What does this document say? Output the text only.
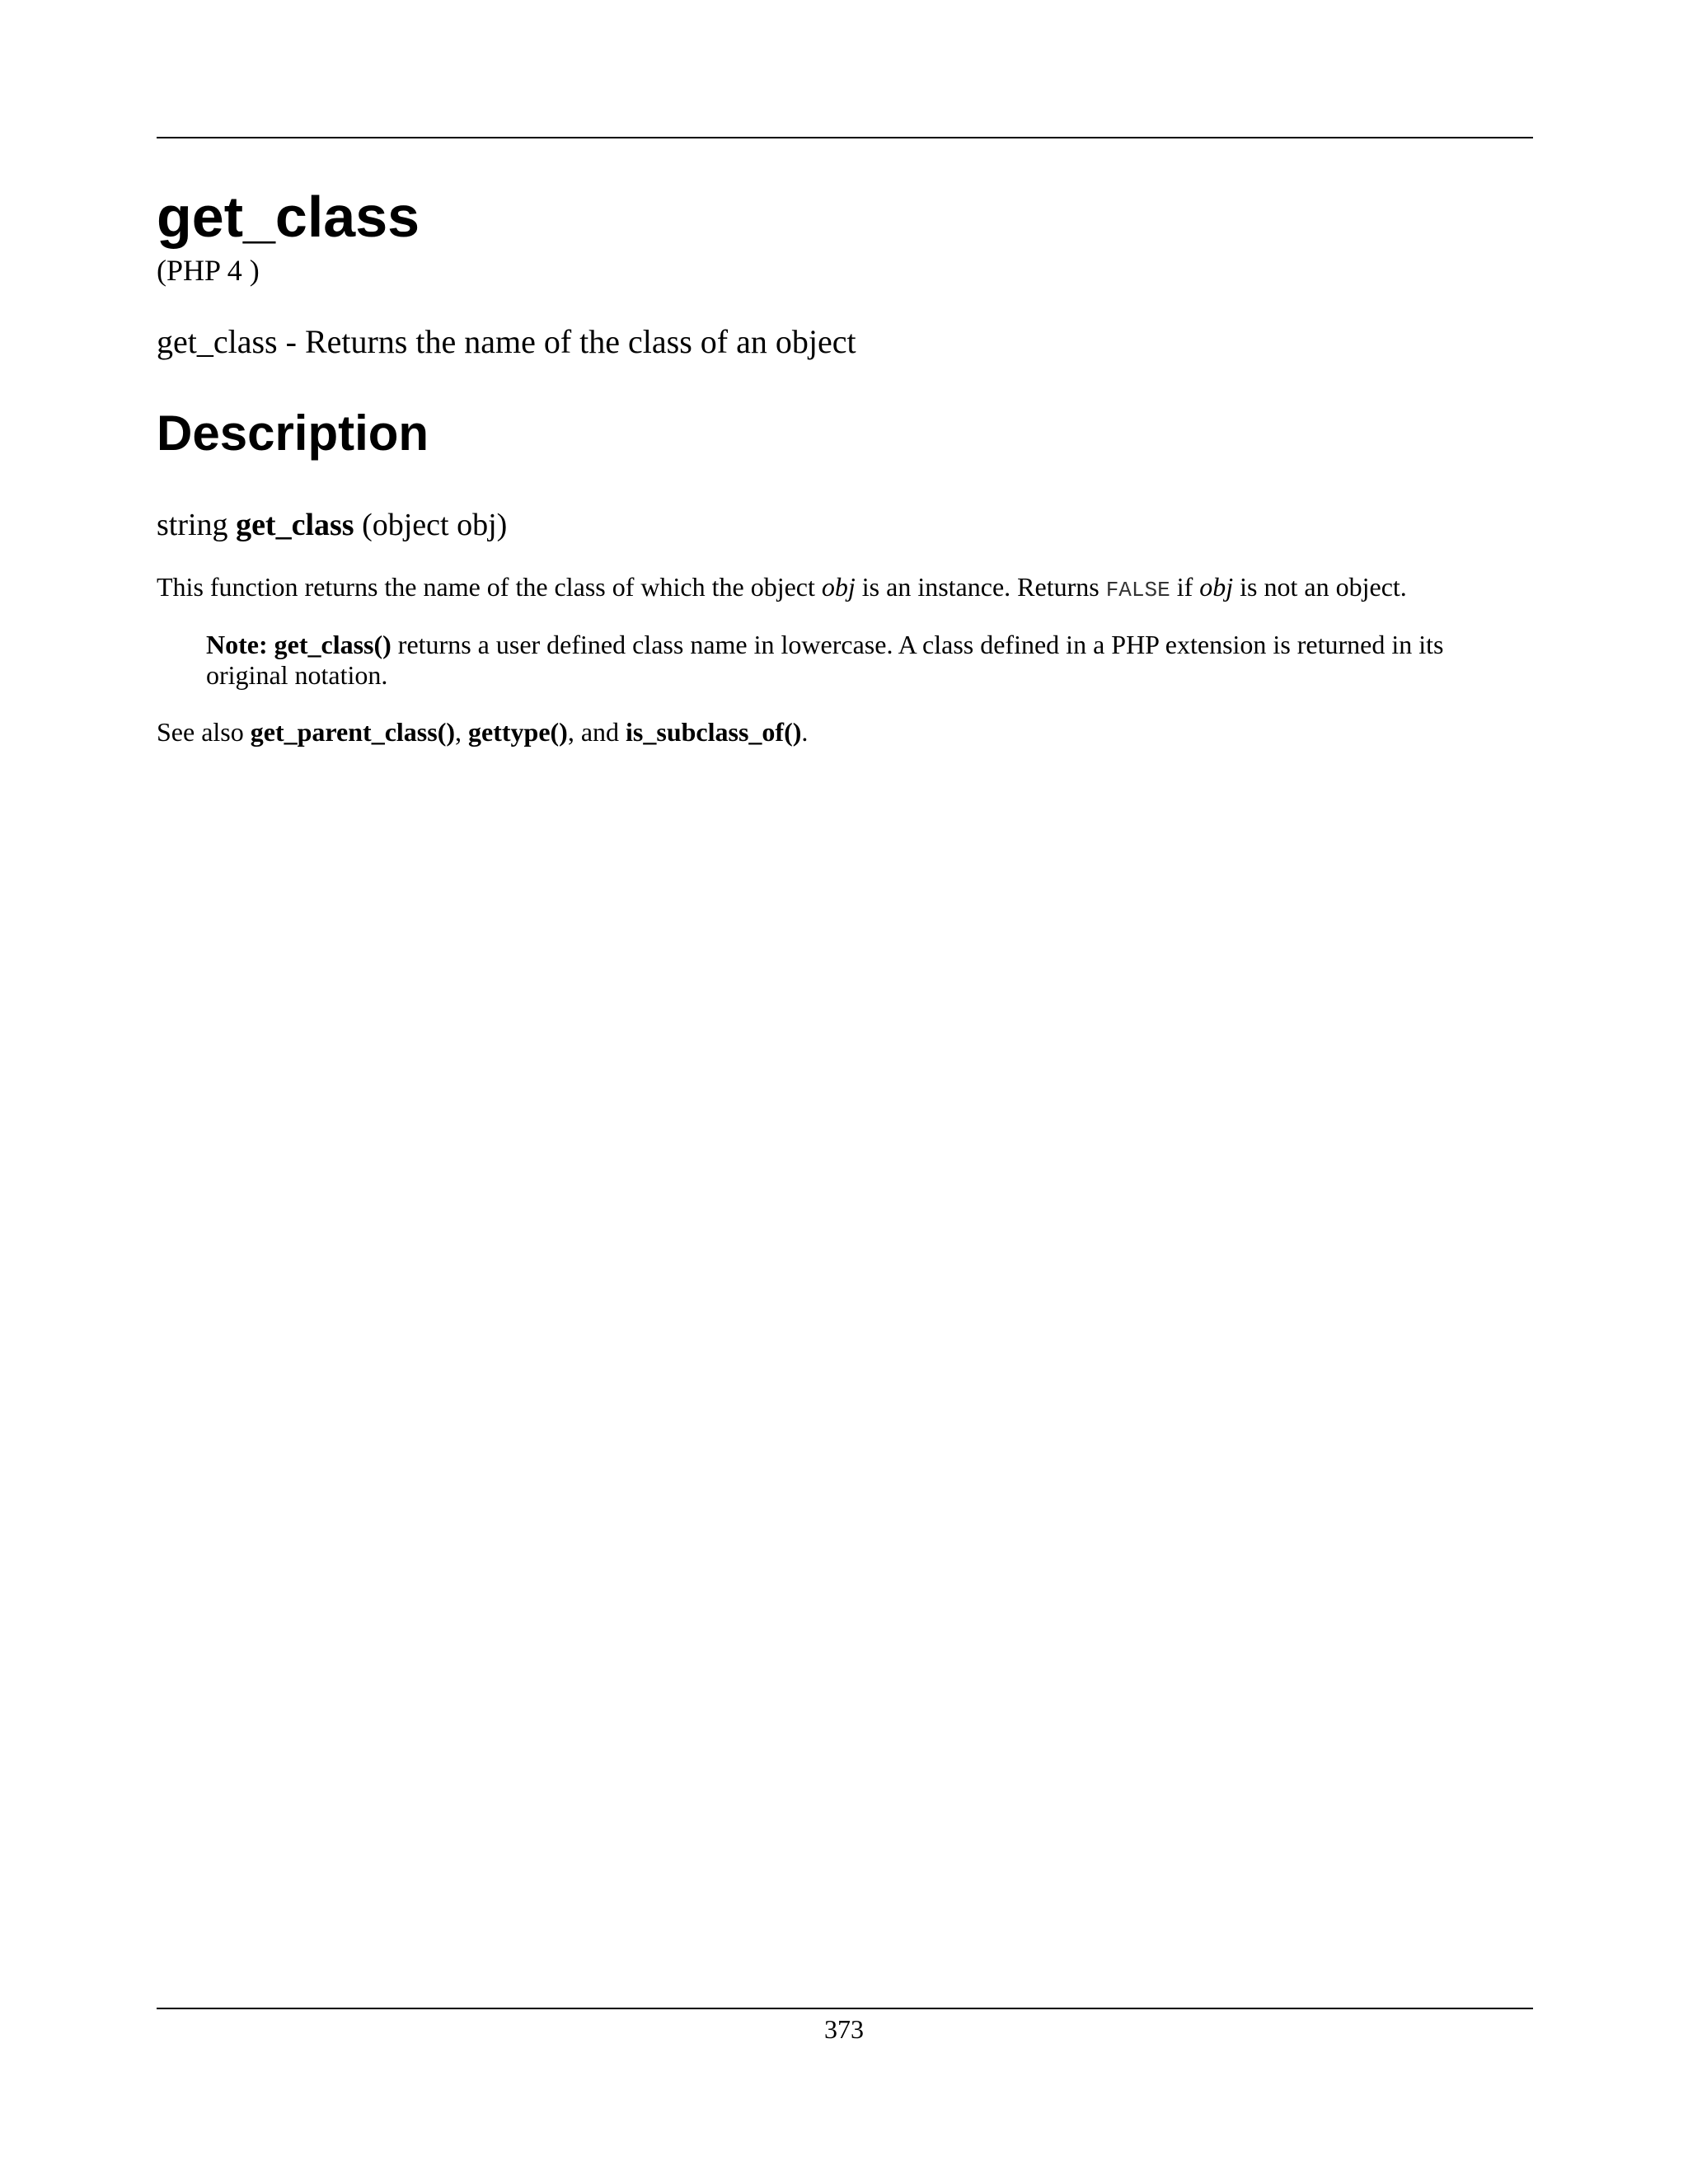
get_class
(PHP 4 )
get_class - Returns the name of the class of an object
Description
string get_class (object obj)
This function returns the name of the class of which the object obj is an instance. Returns FALSE if obj is not an object.
Note: get_class() returns a user defined class name in lowercase. A class defined in a PHP extension is returned in its original notation.
See also get_parent_class(), gettype(), and is_subclass_of().
373
